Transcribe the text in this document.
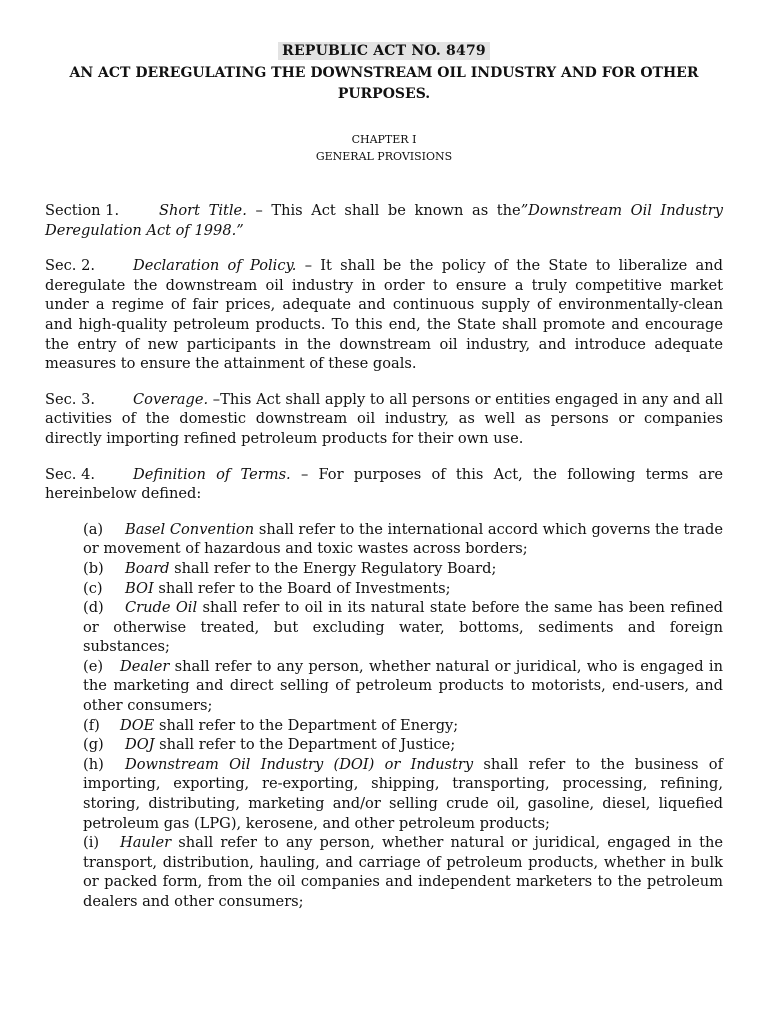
REPUBLIC ACT NO. 8479
AN ACT DEREGULATING THE DOWNSTREAM OIL INDUSTRY AND FOR OTHER PURPOSES.
CHAPTER I
GENERAL PROVISIONS
Section 1.	Short Title. – This Act shall be known as the”Downstream Oil Industry Deregulation Act of 1998.”
Sec. 2.	Declaration of Policy. – It shall be the policy of the State to liberalize and deregulate the downstream oil industry in order to ensure a truly competitive market under a regime of fair prices, adequate and continuous supply of environmentally-clean and high-quality petroleum products. To this end, the State shall promote and encourage the entry of new participants in the downstream oil industry, and introduce adequate measures to ensure the attainment of these goals.
Sec. 3.	Coverage. –This Act shall apply to all persons or entities engaged in any and all activities of the domestic downstream oil industry, as well as persons or companies directly importing refined petroleum products for their own use.
Sec. 4.	Definition of Terms. – For purposes of this Act, the following terms are hereinbelow defined:
(a) Basel Convention shall refer to the international accord which governs the trade or movement of hazardous and toxic wastes across borders;
(b) Board shall refer to the Energy Regulatory Board;
(c) BOI shall refer to the Board of Investments;
(d) Crude Oil shall refer to oil in its natural state before the same has been refined or otherwise treated, but excluding water, bottoms, sediments and foreign substances;
(e) Dealer shall refer to any person, whether natural or juridical, who is engaged in the marketing and direct selling of petroleum products to motorists, end-users, and other consumers;
(f) DOE shall refer to the Department of Energy;
(g) DOJ shall refer to the Department of Justice;
(h) Downstream Oil Industry (DOI) or Industry shall refer to the business of importing, exporting, re-exporting, shipping, transporting, processing, refining, storing, distributing, marketing and/or selling crude oil, gasoline, diesel, liquefied petroleum gas (LPG), kerosene, and other petroleum products;
(i) Hauler shall refer to any person, whether natural or juridical, engaged in the transport, distribution, hauling, and carriage of petroleum products, whether in bulk or packed form, from the oil companies and independent marketers to the petroleum dealers and other consumers;
